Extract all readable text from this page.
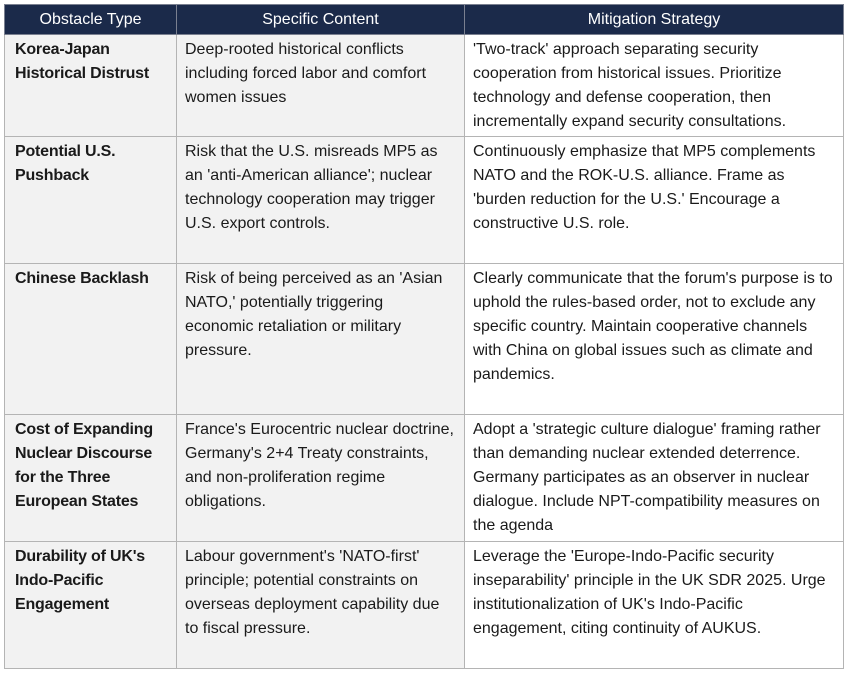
Obstacle Type	Specific Content	Mitigation Strategy
Korea-Japan Historical Distrust	Deep-rooted historical conflicts including forced labor and comfort women issues	'Two-track' approach separating security cooperation from historical issues. Prioritize technology and defense cooperation, then incrementally expand security consultations.
Potential U.S. Pushback	Risk that the U.S. misreads MP5 as an 'anti-American alliance'; nuclear technology cooperation may trigger U.S. export controls.	Continuously emphasize that MP5 complements NATO and the ROK-U.S. alliance. Frame as 'burden reduction for the U.S.' Encourage a constructive U.S. role.
Chinese Backlash	Risk of being perceived as an 'Asian NATO,' potentially triggering economic retaliation or military pressure.	Clearly communicate that the forum's purpose is to uphold the rules-based order, not to exclude any specific country. Maintain cooperative channels with China on global issues such as climate and pandemics.
Cost of Expanding Nuclear Discourse for the Three European States	France's Eurocentric nuclear doctrine, Germany's 2+4 Treaty constraints, and non-proliferation regime obligations.	Adopt a 'strategic culture dialogue' framing rather than demanding nuclear extended deterrence. Germany participates as an observer in nuclear dialogue. Include NPT-compatibility measures on the agenda
Durability of UK's Indo-Pacific Engagement	Labour government's 'NATO-first' principle; potential constraints on overseas deployment capability due to fiscal pressure.	Leverage the 'Europe-Indo-Pacific security inseparability' principle in the UK SDR 2025. Urge institutionalization of UK's Indo-Pacific engagement, citing continuity of AUKUS.
